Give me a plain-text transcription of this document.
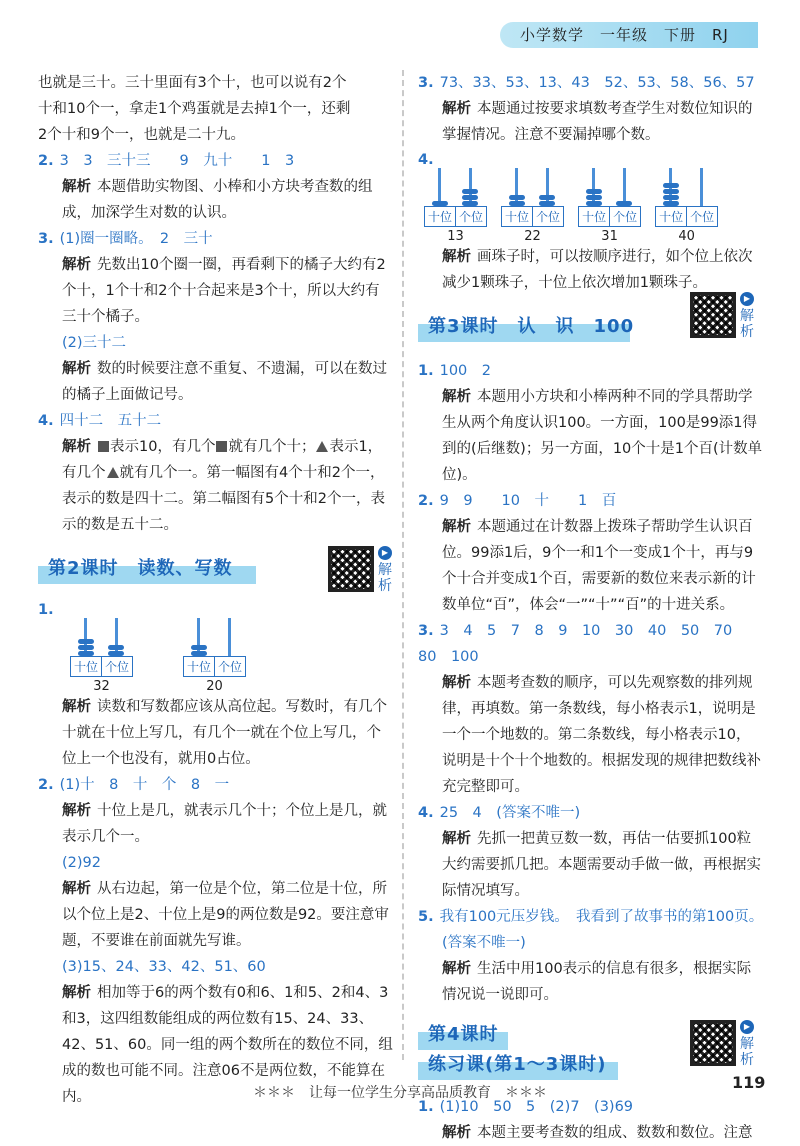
小学数学　一年级　下册　RJ

也就是三十。三十里面有3个十，也可以说有2个

十和10个一，拿走1个鸡蛋就是去掉1个一，还剩

2个十和9个一，也就是二十九。

2. 3　3　三十三　　9　九十　　1　3

解析 本题借助实物图、小棒和小方块考查数的组成，加深学生对数的认识。

3. (1)圈一圈略。　2　三十

解析 先数出10个圈一圈，再看剩下的橘子大约有2个十，1个十和2个十合起来是3个十，所以大约有三十个橘子。

(2)三十二

解析 数的时候要注意不重复、不遗漏，可以在数过的橘子上面做记号。

4. 四十二　五十二

解析 表示10，有几个 就有几个十； 表示1，有几个 就有几个一。第一幅图有4个十和2个一，表示的数是四十二。第二幅图有5个十和2个一，表示的数是五十二。

第2课时　读数、写数
▶
解析
1.
十位 个位
32
十位 个位
20

解析 读数和写数都应该从高位起。写数时，有几个十就在十位上写几，有几个一就在个位上写几，个位上一个也没有，就用0占位。

2. (1)十　8　十　个　8　一

解析 十位上是几，就表示几个十；个位上是几，就表示几个一。

(2)92

解析 从右边起，第一位是个位，第二位是十位，所以个位上是2、十位上是9的两位数是92。要注意审题，不要谁在前面就先写谁。

(3)15、24、33、42、51、60

解析 相加等于6的两个数有0和6、1和5、2和4、3和3，这四组数能组成的两位数有15、24、33、42、51、60。同一组的两个数所在的数位不同，组成的数也可能不同。注意06不是两位数，不能算在内。

3. 73、33、53、13、43　52、53、58、56、57

解析 本题通过按要求填数考查学生对数位知识的掌握情况。注意不要漏掉哪个数。

4.
十位 个位
13
十位 个位
22
十位 个位
31
十位 个位
40

解析 画珠子时，可以按顺序进行，如个位上依次减少1颗珠子，十位上依次增加1颗珠子。

第3课时　认　识　100
▶
解析

1. 100　2

解析 本题用小方块和小棒两种不同的学具帮助学生从两个角度认识100。一方面，100是99添1得到的(后继数)；另一方面，10个十是1个百(计数单位)。

2. 9　9　　10　十　　1　百

解析 本题通过在计数器上拨珠子帮助学生认识百位。99添1后，9个一和1个一变成1个十，再与9个十合并变成1个百，需要新的数位来表示新的计数单位“百”，体会“一”“十”“百”的十进关系。

3. 3　4　5　7　8　9　10　30　40　50　70　80　100

解析 本题考查数的顺序，可以先观察数的排列规律，再填数。第一条数线，每小格表示1，说明是一个一个地数的。第二条数线，每小格表示10，说明是十个十个地数的。根据发现的规律把数线补充完整即可。

4. 25　4　(答案不唯一)

解析 先抓一把黄豆数一数，再估一估要抓100粒大约需要抓几把。本题需要动手做一做，再根据实际情况填写。

5. 我有100元压岁钱。　我看到了故事书的第100页。

(答案不唯一)

解析 生活中用100表示的信息有很多，根据实际情况说一说即可。

第4课时
练习课(第1～3课时)
▶
解析

1. (1)10　50　5　(2)7　(3)69

解析 本题主要考查数的组成、数数和数位。注意

＊＊＊　让每一位学生分享高品质教育　＊＊＊
119
